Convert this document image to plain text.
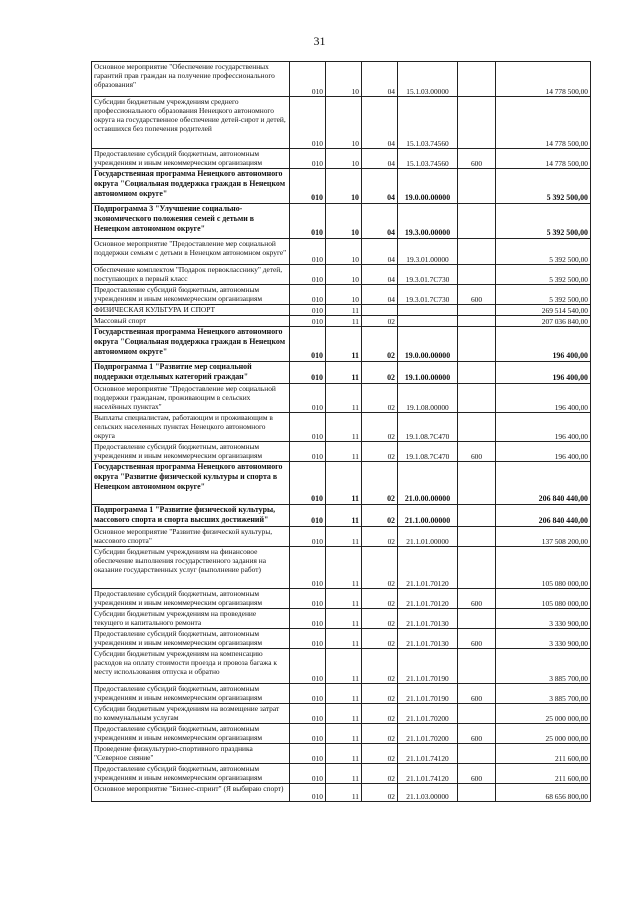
31
Основное мероприятие "Обеспечение государственных гарантий прав граждан на получение профессионального образования"	010	10	04	15.1.03.00000		14 778 500,00
Субсидии бюджетным учреждениям среднего профессионального образования Ненецкого автономного округа на государственное обеспечение детей-сирот и детей, оставшихся без попечения родителей	010	10	04	15.1.03.74560		14 778 500,00
Предоставление субсидий бюджетным, автономным учреждениям и иным некоммерческим организациям	010	10	04	15.1.03.74560	600	14 778 500,00
Государственная программа Ненецкого автономного округа "Социальная поддержка граждан в Ненецком автономном округе"	010	10	04	19.0.00.00000		5 392 500,00
Подпрограмма 3 "Улучшение социально-экономического положения семей с детьми в Ненецком автономном округе"	010	10	04	19.3.00.00000		5 392 500,00
Основное мероприятие "Предоставление мер социальной поддержки семьям с детьми в Ненецком автономном округе"	010	10	04	19.3.01.00000		5 392 500,00
Обеспечение комплектом "Подарок первокласснику" детей, поступающих в первый класс	010	10	04	19.3.01.7С730		5 392 500,00
Предоставление субсидий бюджетным, автономным учреждениям и иным некоммерческим организациям	010	10	04	19.3.01.7С730	600	5 392 500,00
ФИЗИЧЕСКАЯ КУЛЬТУРА И СПОРТ	010	11				269 514 540,00
Массовый спорт	010	11	02			207 036 840,00
Государственная программа Ненецкого автономного округа "Социальная поддержка граждан в Ненецком автономном округе"	010	11	02	19.0.00.00000		196 400,00
Подпрограмма 1 "Развитие мер социальной поддержки отдельных категорий граждан"	010	11	02	19.1.00.00000		196 400,00
Основное мероприятие "Предоставление мер социальной поддержки гражданам, проживающим в сельских населённых пунктах"	010	11	02	19.1.08.00000		196 400,00
Выплаты специалистам, работающим и проживающим в сельских населенных пунктах Ненецкого автономного округа	010	11	02	19.1.08.7С470		196 400,00
Предоставление субсидий бюджетным, автономным учреждениям и иным некоммерческим организациям	010	11	02	19.1.08.7С470	600	196 400,00
Государственная программа Ненецкого автономного округа "Развитие физической культуры и спорта в Ненецком автономном округе"	010	11	02	21.0.00.00000		206 840 440,00
Подпрограмма 1 "Развитие физической культуры, массового спорта и спорта высших достижений"	010	11	02	21.1.00.00000		206 840 440,00
Основное мероприятие "Развитие физической культуры, массового спорта"	010	11	02	21.1.01.00000		137 508 200,00
Субсидии бюджетным учреждениям на финансовое обеспечение выполнения государственного задания на оказание государственных услуг (выполнение работ)	010	11	02	21.1.01.70120		105 080 000,00
Предоставление субсидий бюджетным, автономным учреждениям и иным некоммерческим организациям	010	11	02	21.1.01.70120	600	105 080 000,00
Субсидии бюджетным учреждениям на проведение текущего и капитального ремонта	010	11	02	21.1.01.70130		3 330 900,00
Предоставление субсидий бюджетным, автономным учреждениям и иным некоммерческим организациям	010	11	02	21.1.01.70130	600	3 330 900,00
Субсидии бюджетным учреждениям на компенсацию расходов на оплату стоимости проезда и провоза багажа к месту использования отпуска и обратно	010	11	02	21.1.01.70190		3 885 700,00
Предоставление субсидий бюджетным, автономным учреждениям и иным некоммерческим организациям	010	11	02	21.1.01.70190	600	3 885 700,00
Субсидии бюджетным учреждениям на возмещение затрат по коммунальным услугам	010	11	02	21.1.01.70200		25 000 000,00
Предоставление субсидий бюджетным, автономным учреждениям и иным некоммерческим организациям	010	11	02	21.1.01.70200	600	25 000 000,00
Проведение физкультурно-спортивного праздника "Северное сияние"	010	11	02	21.1.01.74120		211 600,00
Предоставление субсидий бюджетным, автономным учреждениям и иным некоммерческим организациям	010	11	02	21.1.01.74120	600	211 600,00
Основное мероприятие "Бизнес-спринт" (Я выбираю спорт)	010	11	02	21.1.03.00000		68 656 800,00
